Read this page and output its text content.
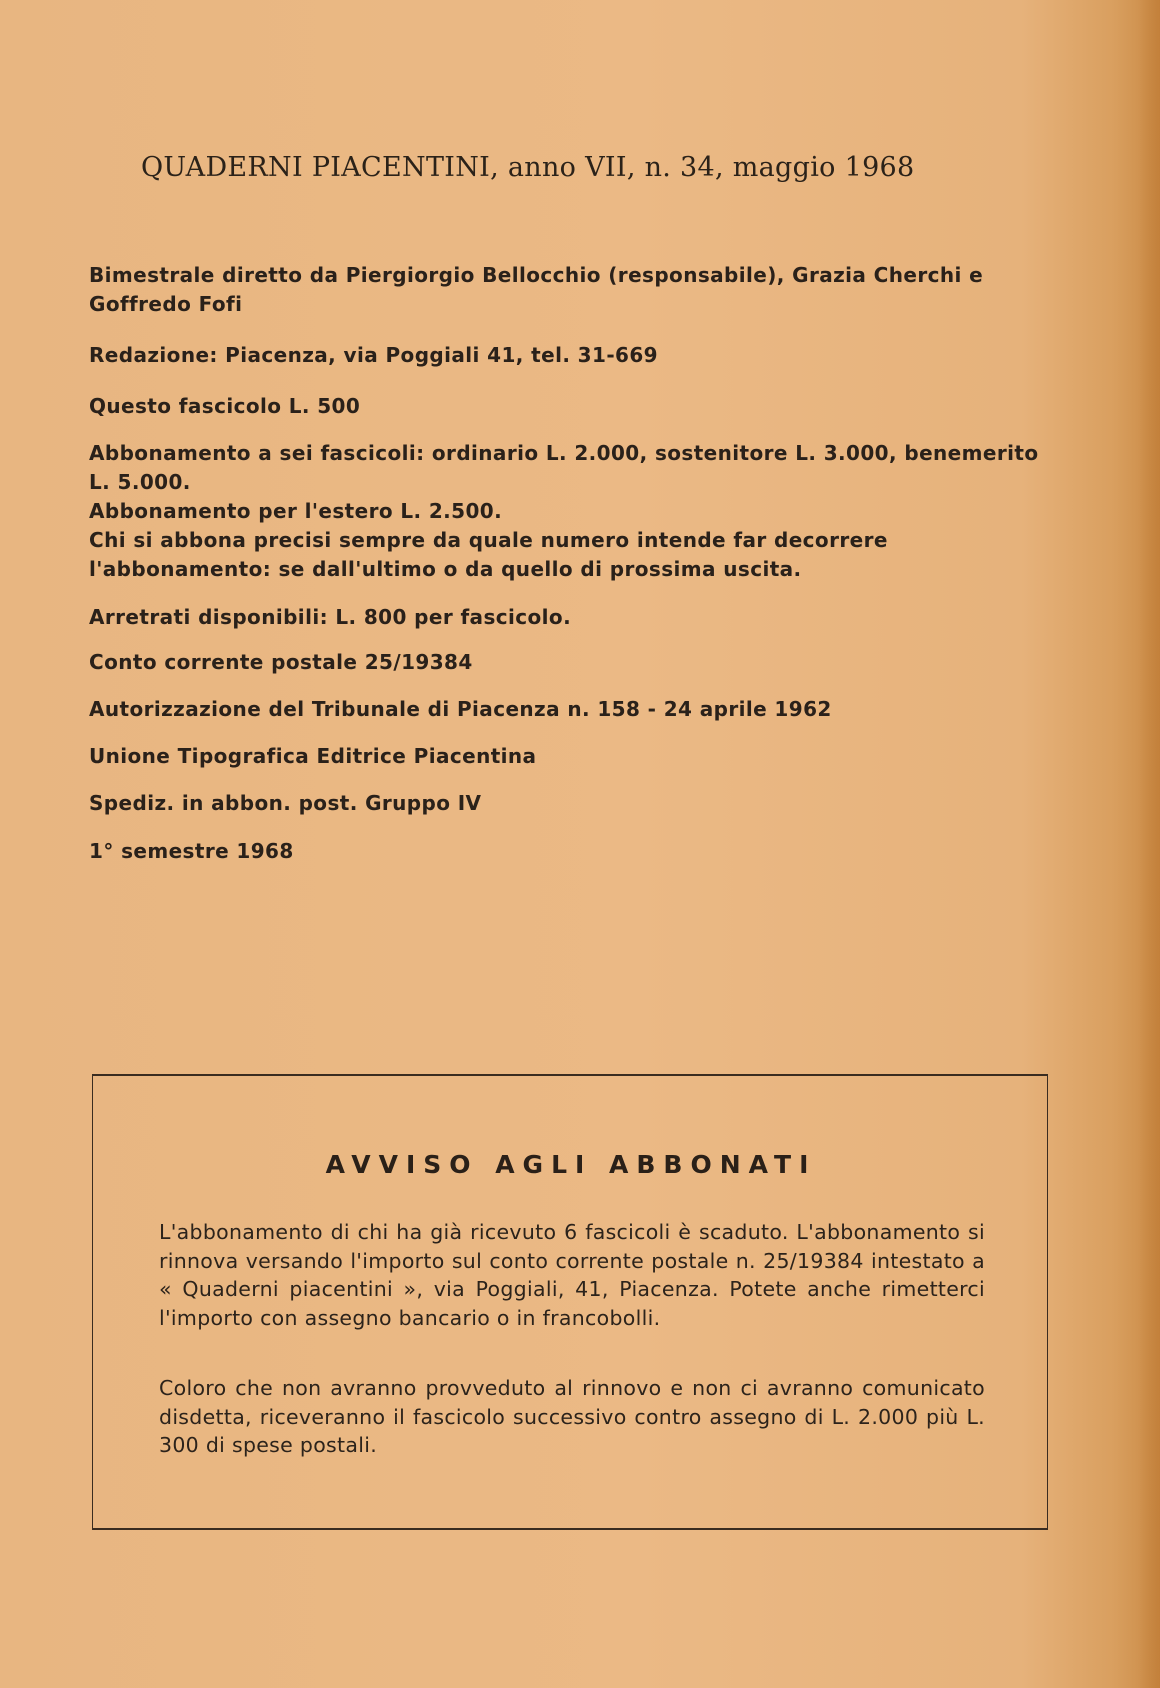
QUADERNI PIACENTINI, anno VII, n. 34, maggio 1968

Bimestrale diretto da Piergiorgio Bellocchio (responsabile), Grazia Cherchi e Goffredo Fofi

Redazione: Piacenza, via Poggiali 41, tel. 31-669

Questo fascicolo L. 500

Abbonamento a sei fascicoli: ordinario L. 2.000, sostenitore L. 3.000, benemerito L. 5.000.

Abbonamento per l'estero L. 2.500.

Chi si abbona precisi sempre da quale numero intende far decorrere l'abbonamento: se dall'ultimo o da quello di prossima uscita.

Arretrati disponibili: L. 800 per fascicolo.

Conto corrente postale 25/19384

Autorizzazione del Tribunale di Piacenza n. 158 - 24 aprile 1962

Unione Tipografica Editrice Piacentina

Spediz. in abbon. post. Gruppo IV

1° semestre 1968

AVVISO AGLI ABBONATI
L'abbonamento di chi ha già ricevuto 6 fascicoli è scaduto. L'abbonamento si rinnova versando l'importo sul conto corrente postale n. 25/19384 intestato a « Quaderni piacentini », via Poggiali, 41, Piacenza. Potete anche rimetterci l'importo con assegno bancario o in francobolli.
Coloro che non avranno provveduto al rinnovo e non ci avranno comunicato disdetta, riceveranno il fascicolo successivo contro assegno di L. 2.000 più L. 300 di spese postali.
